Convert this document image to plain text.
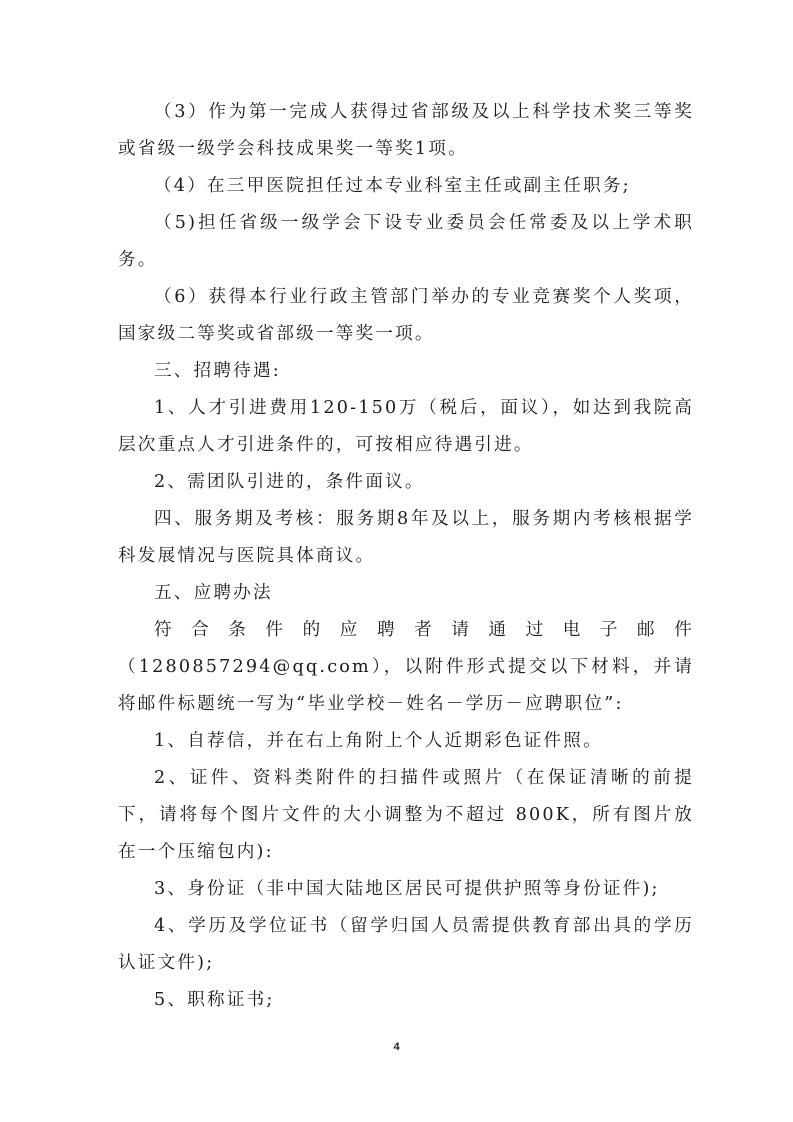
（3）作为第一完成人获得过省部级及以上科学技术奖三等奖或省级一级学会科技成果奖一等奖1项。

（4）在三甲医院担任过本专业科室主任或副主任职务;

（5)担任省级一级学会下设专业委员会任常委及以上学术职务。

（6）获得本行业行政主管部门举办的专业竞赛奖个人奖项，国家级二等奖或省部级一等奖一项。

三、招聘待遇:

1、人才引进费用120-150万（税后，面议），如达到我院高层次重点人才引进条件的，可按相应待遇引进。

2、需团队引进的，条件面议。

四、服务期及考核：服务期8年及以上，服务期内考核根据学科发展情况与医院具体商议。

五、应聘办法

符合条件的应聘者请通过电子邮件（1280857294@qq.com），以附件形式提交以下材料，并请将邮件标题统一写为“毕业学校－姓名－学历－应聘职位”:

1、自荐信，并在右上角附上个人近期彩色证件照。

2、证件、资料类附件的扫描件或照片（在保证清晰的前提下，请将每个图片文件的大小调整为不超过 800K，所有图片放在一个压缩包内):

3、身份证（非中国大陆地区居民可提供护照等身份证件);

4、学历及学位证书（留学归国人员需提供教育部出具的学历认证文件);

5、职称证书;

4
